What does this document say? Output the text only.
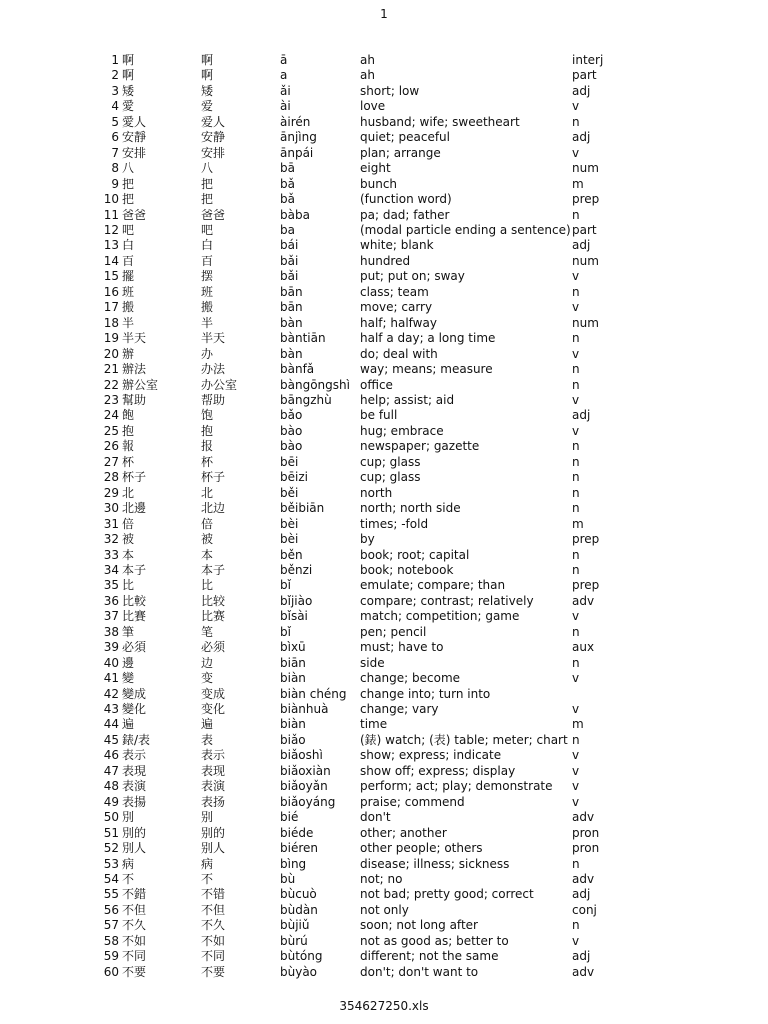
1
1	啊	啊	ā	ah	interj
2	啊	啊	a	ah	part
3	矮	矮	ǎi	short; low	adj
4	愛	爱	ài	love	v
5	愛人	爱人	àirén	husband; wife; sweetheart	n
6	安靜	安静	ānjìng	quiet; peaceful	adj
7	安排	安排	ānpái	plan; arrange	v
8	八	八	bā	eight	num
9	把	把	bǎ	bunch	m
10	把	把	bǎ	(function word)	prep
11	爸爸	爸爸	bàba	pa; dad; father	n
12	吧	吧	ba	(modal particle ending a sentence)	part
13	白	白	bái	white; blank	adj
14	百	百	bǎi	hundred	num
15	擺	摆	bǎi	put; put on; sway	v
16	班	班	bān	class; team	n
17	搬	搬	bān	move; carry	v
18	半	半	bàn	half; halfway	num
19	半天	半天	bàntiān	half a day; a long time	n
20	辦	办	bàn	do; deal with	v
21	辦法	办法	bànfǎ	way; means; measure	n
22	辦公室	办公室	bàngōngshì	office	n
23	幫助	帮助	bāngzhù	help; assist; aid	v
24	飽	饱	bǎo	be full	adj
25	抱	抱	bào	hug; embrace	v
26	報	报	bào	newspaper; gazette	n
27	杯	杯	bēi	cup; glass	n
28	杯子	杯子	bēizi	cup; glass	n
29	北	北	běi	north	n
30	北邊	北边	běibiān	north; north side	n
31	倍	倍	bèi	times; -fold	m
32	被	被	bèi	by	prep
33	本	本	běn	book; root; capital	n
34	本子	本子	běnzi	book; notebook	n
35	比	比	bǐ	emulate; compare; than	prep
36	比較	比较	bǐjiào	compare; contrast; relatively	adv
37	比賽	比赛	bǐsài	match; competition; game	v
38	筆	笔	bǐ	pen; pencil	n
39	必須	必须	bìxū	must; have to	aux
40	邊	边	biān	side	n
41	變	变	biàn	change; become	v
42	變成	变成	biàn chéng	change into; turn into	
43	變化	变化	biànhuà	change; vary	v
44	遍	遍	biàn	time	m
45	錶/表	表	biǎo	(錶) watch; (表) table; meter; chart	n
46	表示	表示	biǎoshì	show; express; indicate	v
47	表現	表现	biǎoxiàn	show off; express; display	v
48	表演	表演	biǎoyǎn	perform; act; play; demonstrate	v
49	表揚	表扬	biǎoyáng	praise; commend	v
50	別	别	bié	don't	adv
51	別的	别的	biéde	other; another	pron
52	別人	别人	biéren	other people; others	pron
53	病	病	bìng	disease; illness; sickness	n
54	不	不	bù	not; no	adv
55	不錯	不错	bùcuò	not bad; pretty good; correct	adj
56	不但	不但	bùdàn	not only	conj
57	不久	不久	bùjiǔ	soon; not long after	n
58	不如	不如	bùrú	not as good as; better to	v
59	不同	不同	bùtóng	different; not the same	adj
60	不要	不要	bùyào	don't; don't want to	adv
354627250.xls
